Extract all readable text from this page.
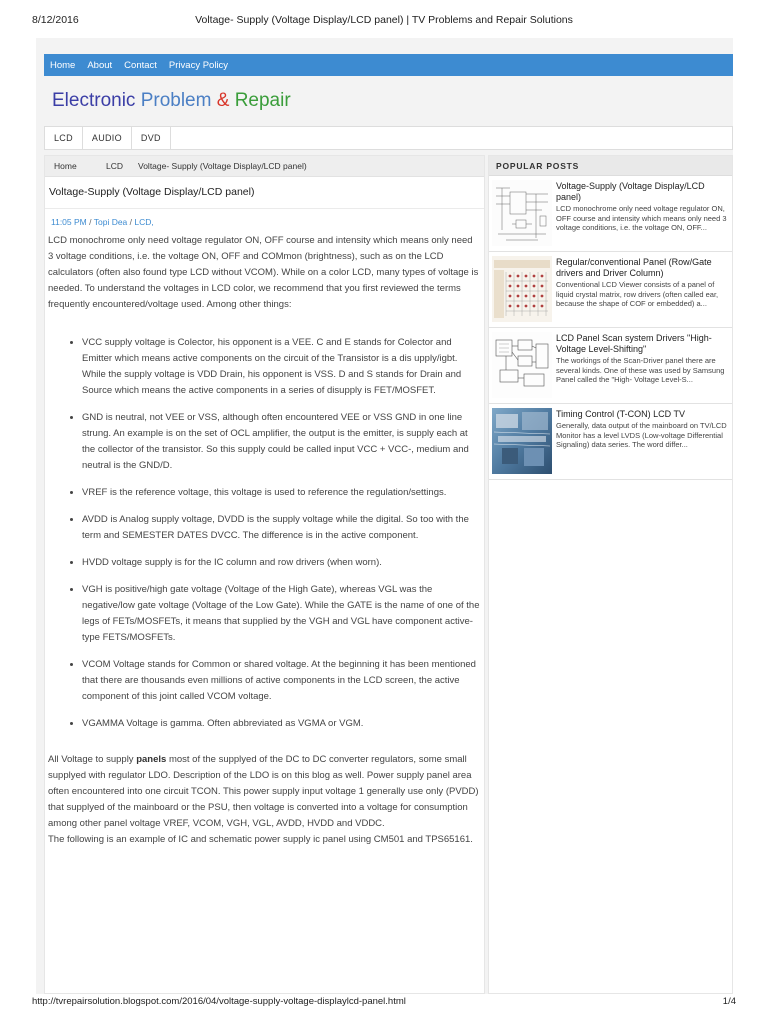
8/12/2016	Voltage- Supply (Voltage Display/LCD panel) | TV Problems and Repair Solutions
Home About Contact Privacy Policy
Electronic Problem & Repair
LCD	AUDIO	DVD
Home	LCD	Voltage- Supply (Voltage Display/LCD panel)
Voltage-Supply (Voltage Display/LCD panel)
11:05 PM / Topi Dea / LCD,

LCD monochrome only need voltage regulator ON, OFF course and intensity which means only need 3 voltage conditions, i.e. the voltage ON, OFF and COMmon (brightness), such as on the LCD calculators (often also found type LCD without VCOM). While on a color LCD, many types of voltage is needed. To understand the voltages in LCD color, we recommend that you first reviewed the terms frequently encountered/voltage used. Among other things:

• VCC supply voltage is Colector, his opponent is a VEE. C and E stands for Colector and Emitter which means active components on the circuit of the Transistor is a dis upply/igbt. While the supply voltage is VDD Drain, his opponent is VSS. D and S stands for Drain and Source which means the active components in a series of disupply is FET/MOSFET.
• GND is neutral, not VEE or VSS, although often encountered VEE or VSS GND in one line strung. An example is on the set of OCL amplifier, the output is the emitter, is supply each at the collector of the transistor. So this supply could be called input VCC + VCC-, medium and neutral is the GND/D.
• VREF is the reference voltage, this voltage is used to reference the regulation/settings.
• AVDD is Analog supply voltage, DVDD is the supply voltage while the digital. So too with the term and SEMESTER DATES DVCC. The difference is in the active component.
• HVDD voltage supply is for the IC column and row drivers (when worn).
• VGH is positive/high gate voltage (Voltage of the High Gate), whereas VGL was the negative/low gate voltage (Voltage of the Low Gate). While the GATE is the name of one of the legs of FETs/MOSFETs, it means that supplied by the VGH and VGL have component active-type FETS/MOSFETs.
• VCOM Voltage stands for Common or shared voltage. At the beginning it has been mentioned that there are thousands even millions of active components in the LCD screen, the active component of this joint called VCOM voltage.
• VGAMMA Voltage is gamma. Often abbreviated as VGMA or VGM.

All Voltage to supply panels most of the supplyed of the DC to DC converter regulators, some small supplyed with regulator LDO. Description of the LDO is on this blog as well. Power supply panel area often encountered into one circuit TCON. This power supply input voltage 1 generally use only (PVDD) that supplyed of the mainboard or the PSU, then voltage is converted into a voltage for consumption among other panel voltage VREF, VCOM, VGH, VGL, AVDD, HVDD and VDDC.

The following is an example of IC and schematic power supply ic panel using CM501 and TPS65161.

POPULAR POSTS
Voltage-Supply (Voltage Display/LCD panel)
LCD monochrome only need voltage regulator ON, OFF course and intensity which means only need 3 voltage conditions, i.e. the voltage ON, OFF...
Regular/conventional Panel (Row/Gate drivers and Driver Column)
Conventional LCD Viewer consists of a panel of liquid crystal matrix, row drivers (often called ear, because the shape of COF or embedded) a...
LCD Panel Scan system Drivers "High-Voltage Level-Shifting"
The workings of the Scan-Driver panel there are several kinds. One of these was used by Samsung Panel called the "High- Voltage Level-S...
Timing Control (T-CON) LCD TV
Generally, data output of the mainboard on TV/LCD Monitor has a level LVDS (Low-voltage Differential Signaling) data series. The word differ...
http://tvrepairsolution.blogspot.com/2016/04/voltage-supply-voltage-displaylcd-panel.html	1/4
